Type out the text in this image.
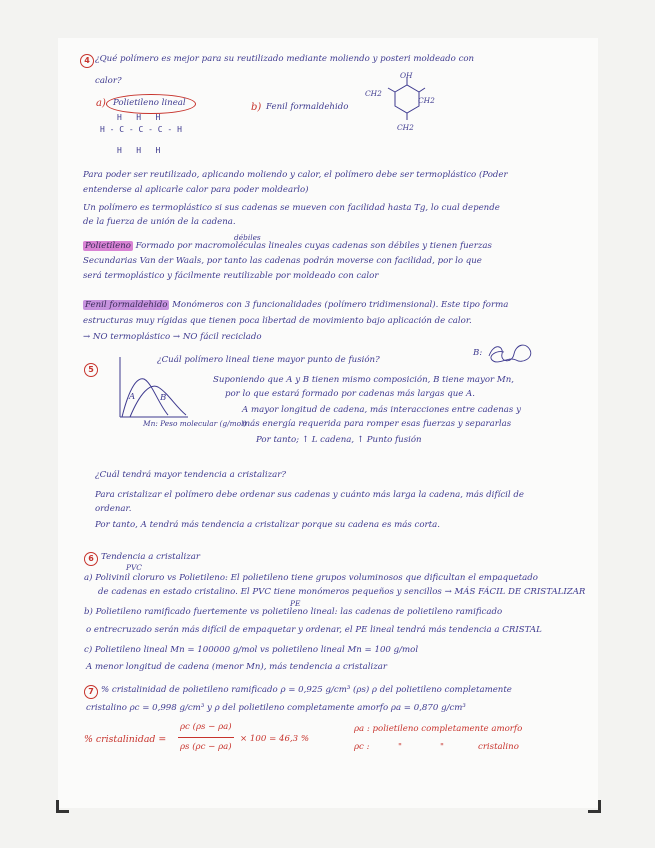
4 ¿Qué polímero es mejor para su reutilizado mediante moliendo y posteri moldeado con
calor?
a) Polietileno lineal
H   H   H
H - C - C - C - H
H   H   H
b) Fenil formaldehido
OH
CH2
CH2
CH2
Para poder ser reutilizado, aplicando moliendo y calor, el polímero debe ser termoplástico (Poder
entenderse al aplicarle calor para poder moldearlo)
Un polímero es termoplástico si sus cadenas se mueven con facilidad hasta Tg, lo cual depende
de la fuerza de unión de la cadena.
Polietileno Formado por macromoléculas lineales cuyas cadenas son débiles y tienen fuerzas
débiles
Secundarias Van der Waals, por tanto las cadenas podrán moverse con facilidad, por lo que
será termoplástico y fácilmente reutilizable por moldeado con calor
Fenil formaldehido Monómeros con 3 funcionalidades (polímero tridimensional). Este tipo forma
estructuras muy rígidas que tienen poca libertad de movimiento bajo aplicación de calor.
→ NO termoplástico → NO fácil reciclado
5
¿Cuál polímero lineal tiene mayor punto de fusión?
B:
A	B
Mn: Peso molecular (g/mol)
Suponiendo que A y B tienen mismo composición, B tiene mayor Mn,
por lo que estará formado por cadenas más largas que A.
A mayor longitud de cadena, más interacciones entre cadenas y
más energía requerida para romper esas fuerzas y separarlas
Por tanto; ↑ L cadena, ↑ Punto fusión
¿Cuál tendrá mayor tendencia a cristalizar?
Para cristalizar el polímero debe ordenar sus cadenas y cuánto más larga la cadena, más difícil de
ordenar.
Por tanto, A tendrá más tendencia a cristalizar porque su cadena es más corta.
6 Tendencia a cristalizar
PVC
a) Polivinil cloruro vs Polietileno: El polietileno tiene grupos voluminosos que dificultan el empaquetado
de cadenas en estado cristalino. El PVC tiene monómeros pequeños y sencillos → MÁS FÁCIL DE CRISTALIZAR
PE
b) Polietileno ramificado fuertemente vs polietileno lineal: las cadenas de polietileno ramificado
o entrecruzado serán más difícil de empaquetar y ordenar, el PE lineal tendrá más tendencia a CRISTAL
c) Polietileno lineal Mn = 100000 g/mol vs polietileno lineal Mn = 100 g/mol
A menor longitud de cadena (menor Mn), más tendencia a cristalizar
7 % cristalinidad de polietileno ramificado ρ = 0,925 g/cm³ (ρs) ρ del polietileno completamente
cristalino ρc = 0,998 g/cm³ y ρ del polietileno completamente amorfo ρa = 0,870 g/cm³
% cristalinidad =
ρc (ρs − ρa)
ρs (ρc − ρa)
× 100 = 46,3 %
ρa : polietileno completamente amorfo
ρc :	"	"	cristalino
